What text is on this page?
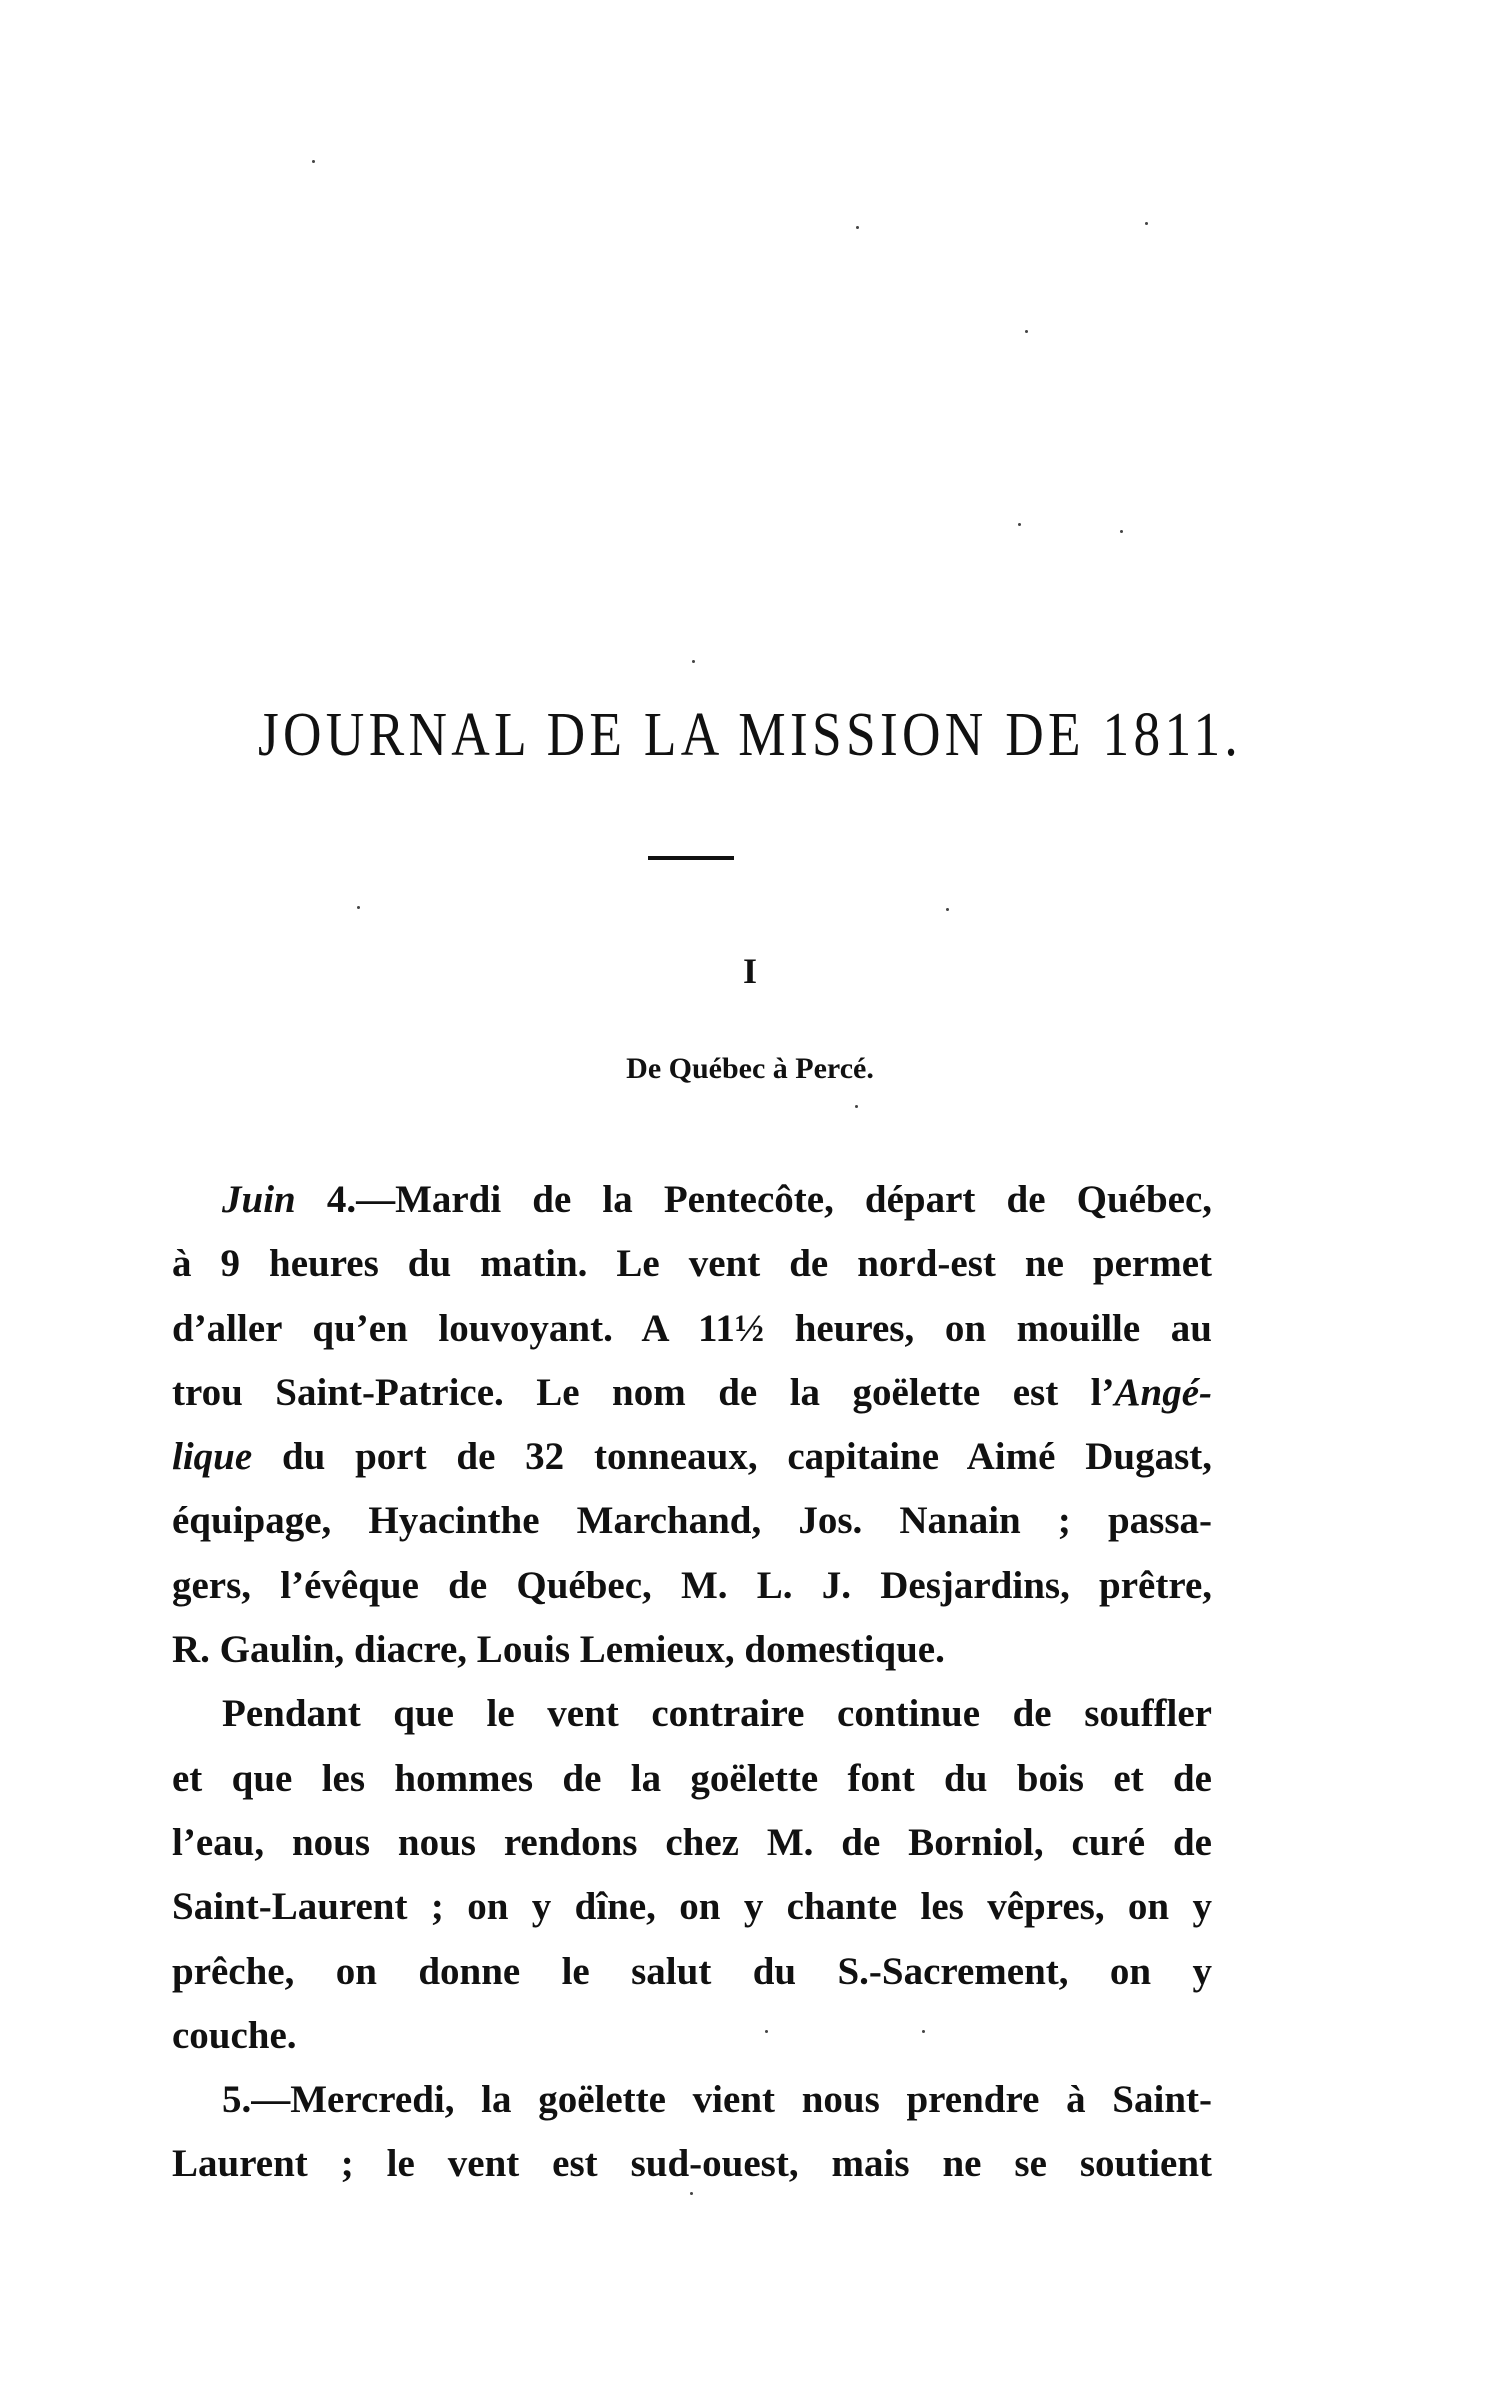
JOURNAL DE LA MISSION DE 1811.
I
De Québec à Percé.
Juin 4.—Mardi de la Pentecôte, départ de Québec,
à 9 heures du matin. Le vent de nord-est ne permet
d’aller qu’en louvoyant. A 11½ heures, on mouille au
trou Saint-Patrice. Le nom de la goëlette est l’Angé-
lique du port de 32 tonneaux, capitaine Aimé Dugast,
équipage, Hyacinthe Marchand, Jos. Nanain ; passa-
gers, l’évêque de Québec, M. L. J. Desjardins, prêtre,
R. Gaulin, diacre, Louis Lemieux, domestique.
Pendant que le vent contraire continue de souffler
et que les hommes de la goëlette font du bois et de
l’eau, nous nous rendons chez M. de Borniol, curé de
Saint-Laurent ; on y dîne, on y chante les vêpres, on y
prêche, on donne le salut du S.-Sacrement, on y
couche.
5.—Mercredi, la goëlette vient nous prendre à Saint-
Laurent ; le vent est sud-ouest, mais ne se soutient
